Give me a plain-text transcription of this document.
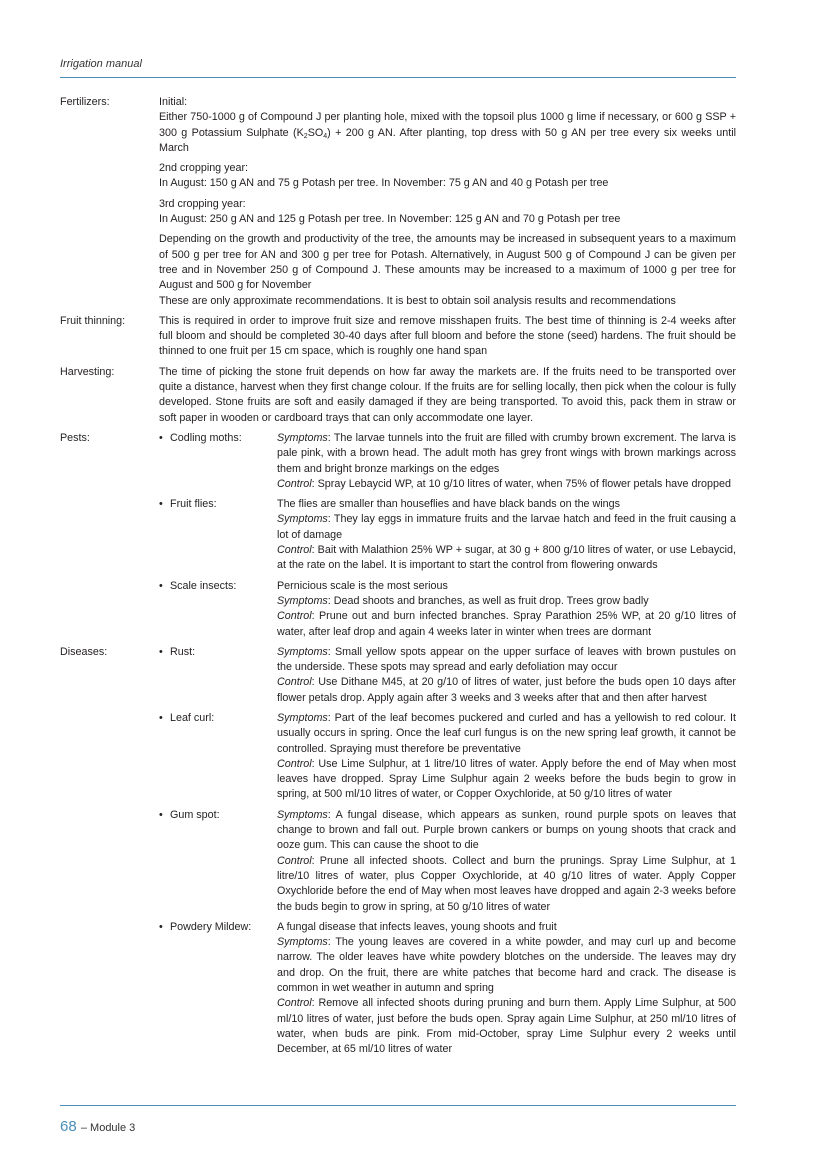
Irrigation manual
Fertilizers:	Initial:
Either 750-1000 g of Compound J per planting hole, mixed with the topsoil plus 1000 g lime if necessary, or 600 g SSP + 300 g Potassium Sulphate $(K_2SO_4) + 200$ g AN. After planting, top dress with 50 g AN per tree every six weeks until March

2nd cropping year:
In August: 150 g AN and 75 g Potash per tree. In November: 75 g AN and 40 g Potash per tree

3rd cropping year:
In August: 250 g AN and 125 g Potash per tree. In November: 125 g AN and 70 g Potash per tree

Depending on the growth and productivity of the tree, the amounts may be increased in subsequent years to a maximum of 500 g per tree for AN and 300 g per tree for Potash. Alternatively, in August 500 g of Compound J can be given per tree and in November 250 g of Compound J. These amounts may be increased to a maximum of 1000 g per tree for August and 500 g for November
These are only approximate recommendations. It is best to obtain soil analysis results and recommendations

Fruit thinning:	This is required in order to improve fruit size and remove misshapen fruits. The best time of thinning is 2-4 weeks after full bloom and should be completed 30-40 days after full bloom and before the stone (seed) hardens. The fruit should be thinned to one fruit per 15 cm space, which is roughly one hand span

Harvesting:	The time of picking the stone fruit depends on how far away the markets are. If the fruits need to be transported over quite a distance, harvest when they first change colour. If the fruits are for selling locally, then pick when the colour is fully developed. Stone fruits are soft and easily damaged if they are being transported. To avoid this, pack them in straw or soft paper in wooden or cardboard trays that can only accommodate one layer.

Pests:	• Codling moths:	Symptoms: The larvae tunnels into the fruit are filled with crumby brown excrement. The larva is pale pink, with a brown head. The adult moth has grey front wings with brown markings across them and bright bronze markings on the edges
Control: Spray Lebaycid WP, at 10 g/10 litres of water, when 75% of flower petals have dropped
• Fruit flies:	The flies are smaller than houseflies and have black bands on the wings
Symptoms: They lay eggs in immature fruits and the larvae hatch and feed in the fruit causing a lot of damage
Control: Bait with Malathion 25% WP + sugar, at 30 g + 800 g/10 litres of water, or use Lebaycid, at the rate on the label. It is important to start the control from flowering onwards
• Scale insects:	Pernicious scale is the most serious
Symptoms: Dead shoots and branches, as well as fruit drop. Trees grow badly
Control: Prune out and burn infected branches. Spray Parathion 25% WP, at 20 g/10 litres of water, after leaf drop and again 4 weeks later in winter when trees are dormant
Diseases:	• Rust:	Symptoms: Small yellow spots appear on the upper surface of leaves with brown pustules on the underside. These spots may spread and early defoliation may occur
Control: Use Dithane M45, at 20 g/10 of litres of water, just before the buds open 10 days after flower petals drop. Apply again after 3 weeks and 3 weeks after that and then after harvest
• Leaf curl:	Symptoms: Part of the leaf becomes puckered and curled and has a yellowish to red colour. It usually occurs in spring. Once the leaf curl fungus is on the new spring leaf growth, it cannot be controlled. Spraying must therefore be preventative
Control: Use Lime Sulphur, at 1 litre/10 litres of water. Apply before the end of May when most leaves have dropped. Spray Lime Sulphur again 2 weeks before the buds begin to grow in spring, at 500 ml/10 litres of water, or Copper Oxychloride, at 50 g/10 litres of water
• Gum spot:	Symptoms: A fungal disease, which appears as sunken, round purple spots on leaves that change to brown and fall out. Purple brown cankers or bumps on young shoots that crack and ooze gum. This can cause the shoot to die
Control: Prune all infected shoots. Collect and burn the prunings. Spray Lime Sulphur, at 1 litre/10 litres of water, plus Copper Oxychloride, at 40 g/10 litres of water. Apply Copper Oxychloride before the end of May when most leaves have dropped and again 2-3 weeks before the buds begin to grow in spring, at 50 g/10 litres of water
• Powdery Mildew:	A fungal disease that infects leaves, young shoots and fruit
Symptoms: The young leaves are covered in a white powder, and may curl up and become narrow. The older leaves have white powdery blotches on the underside. The leaves may dry and drop. On the fruit, there are white patches that become hard and crack. The disease is common in wet weather in autumn and spring
Control: Remove all infected shoots during pruning and burn them. Apply Lime Sulphur, at 500 ml/10 litres of water, just before the buds open. Spray again Lime Sulphur, at 250 ml/10 litres of water, when buds are pink. From mid-October, spray Lime Sulphur every 2 weeks until December, at 65 ml/10 litres of water
68 – Module 3
